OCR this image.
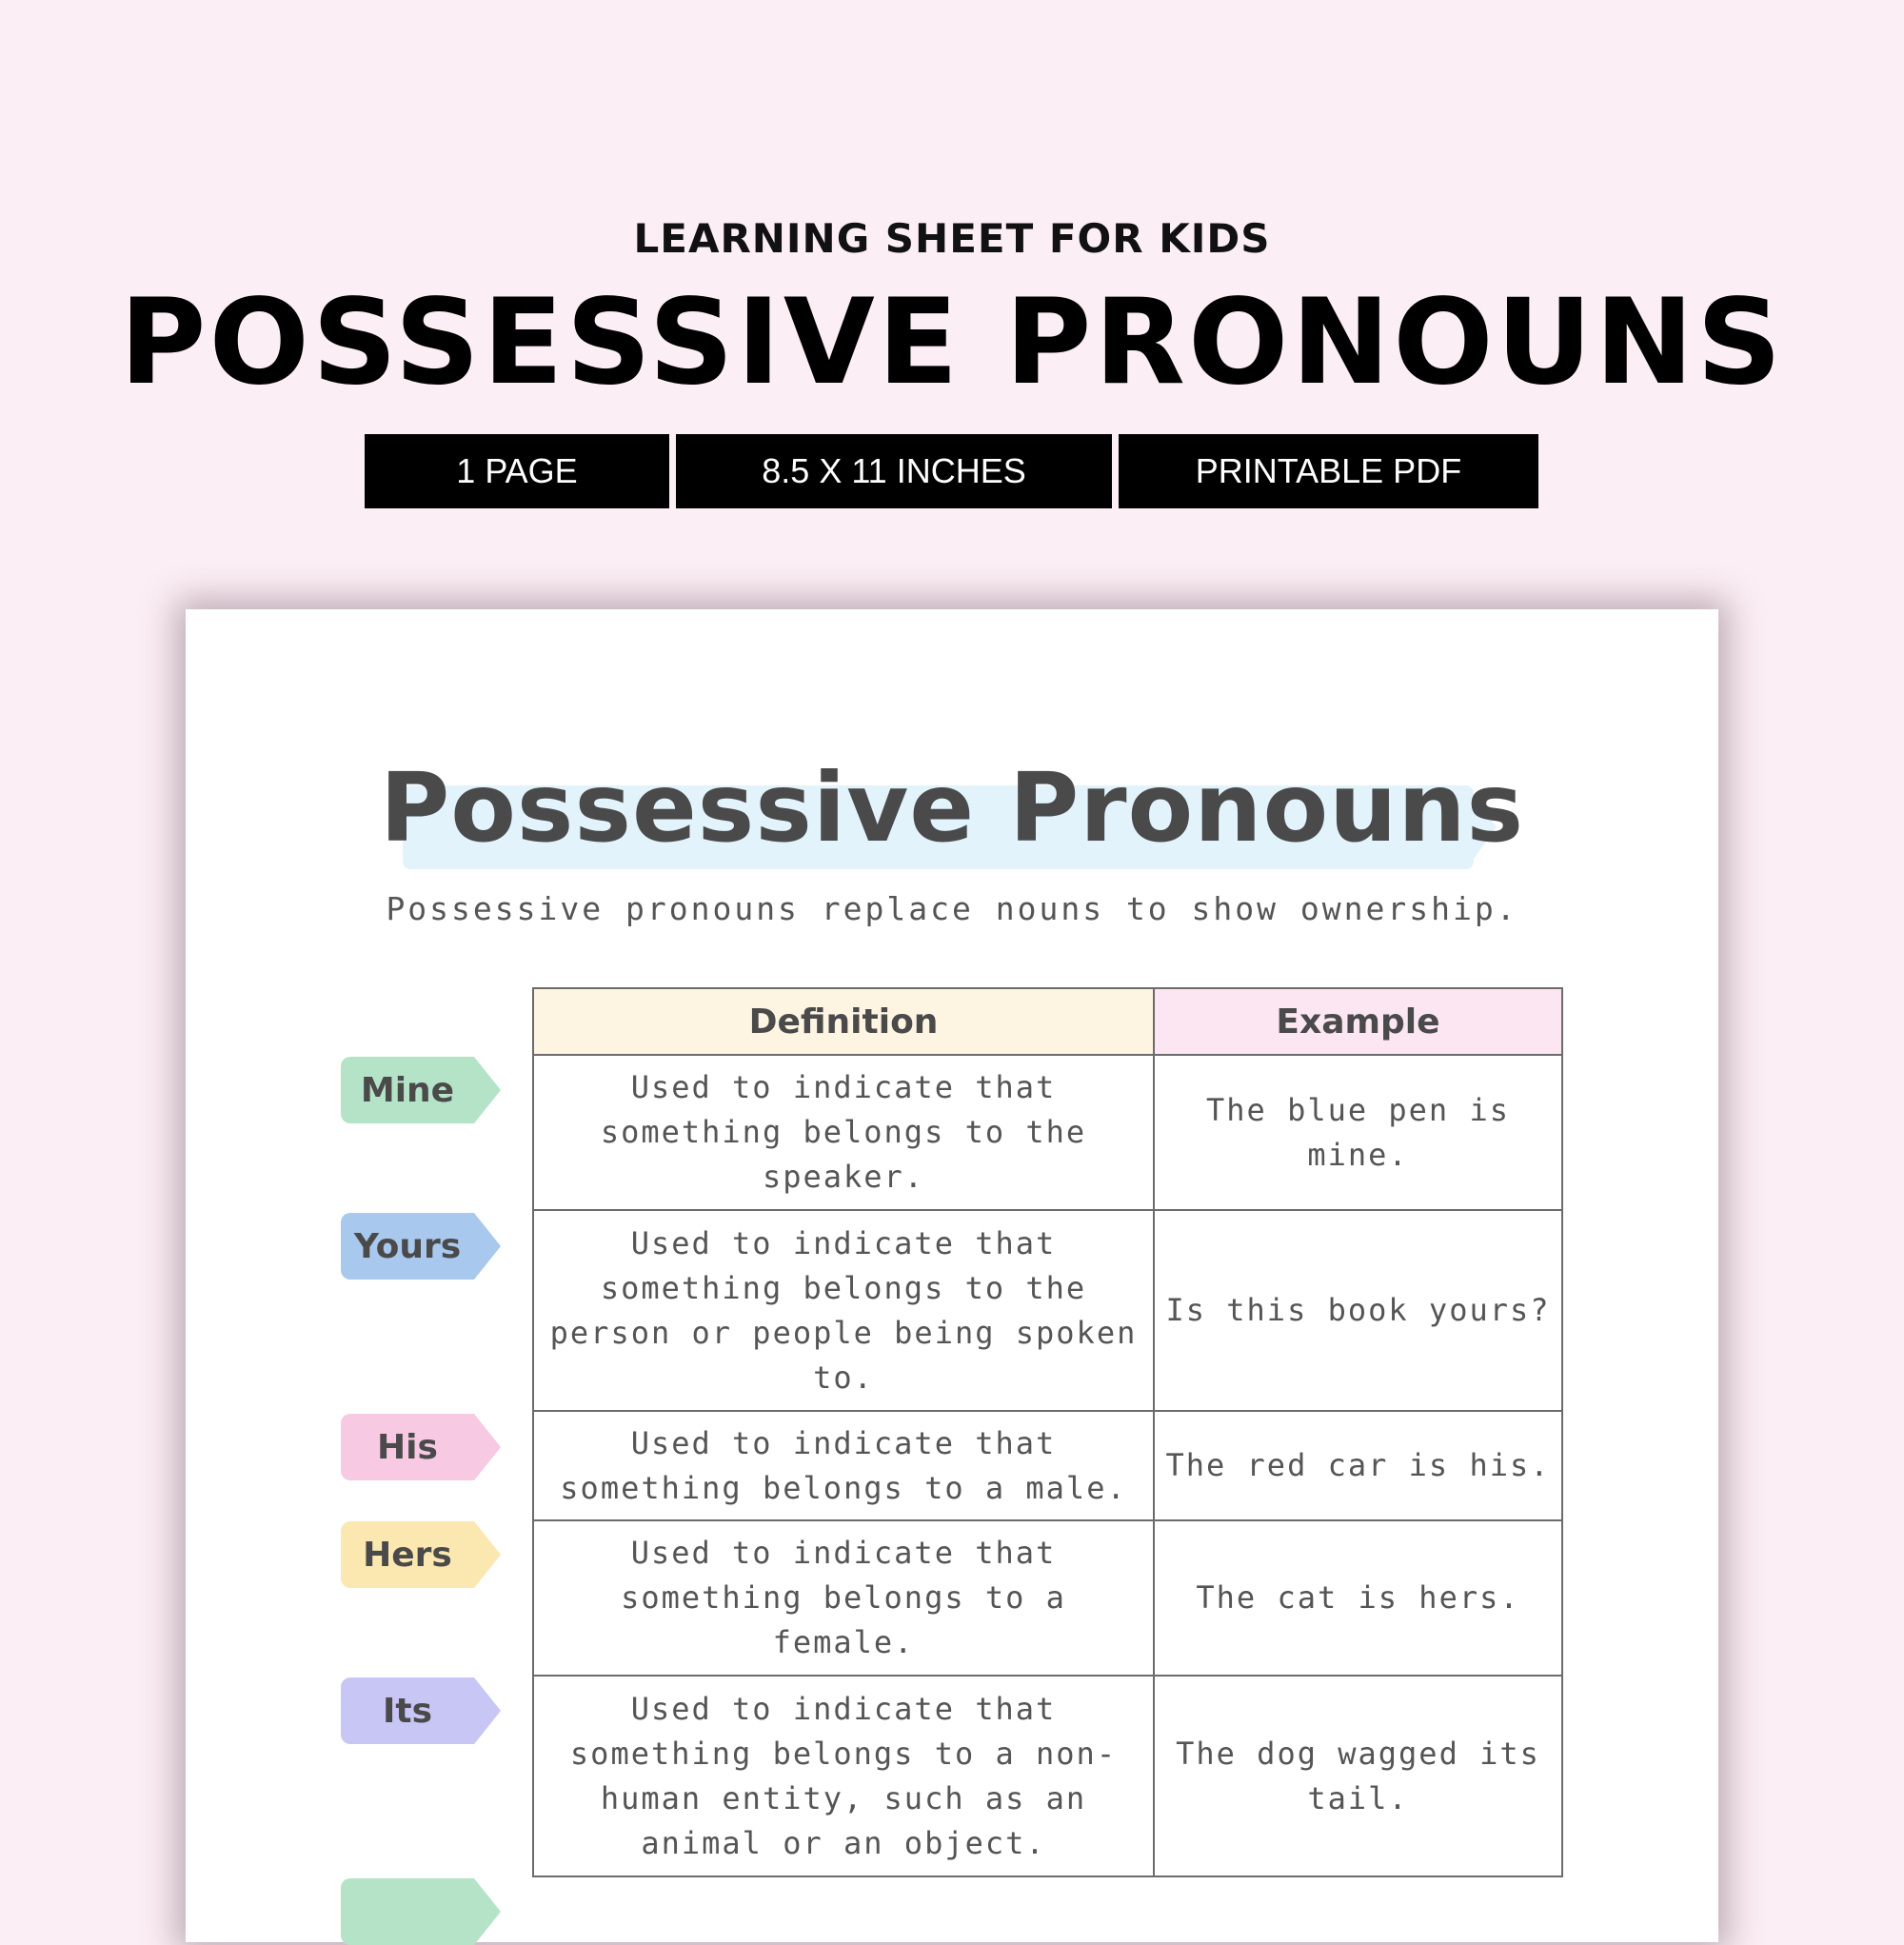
LEARNING SHEET FOR KIDS
POSSESSIVE PRONOUNS
1 PAGE	8.5 X 11 INCHES	PRINTABLE PDF
Possessive Pronouns
Possessive pronouns replace nouns to show ownership.
Definition	Example
Used to indicate that something belongs to the speaker.	The blue pen is mine.
Used to indicate that something belongs to the person or people being spoken to.	Is this book yours?
Used to indicate that something belongs to a male.	The red car is his.
Used to indicate that something belongs to a female.	The cat is hers.
Used to indicate that something belongs to a non-human entity, such as an animal or an object.	The dog wagged its tail.
Mine
Yours
His
Hers
Its
